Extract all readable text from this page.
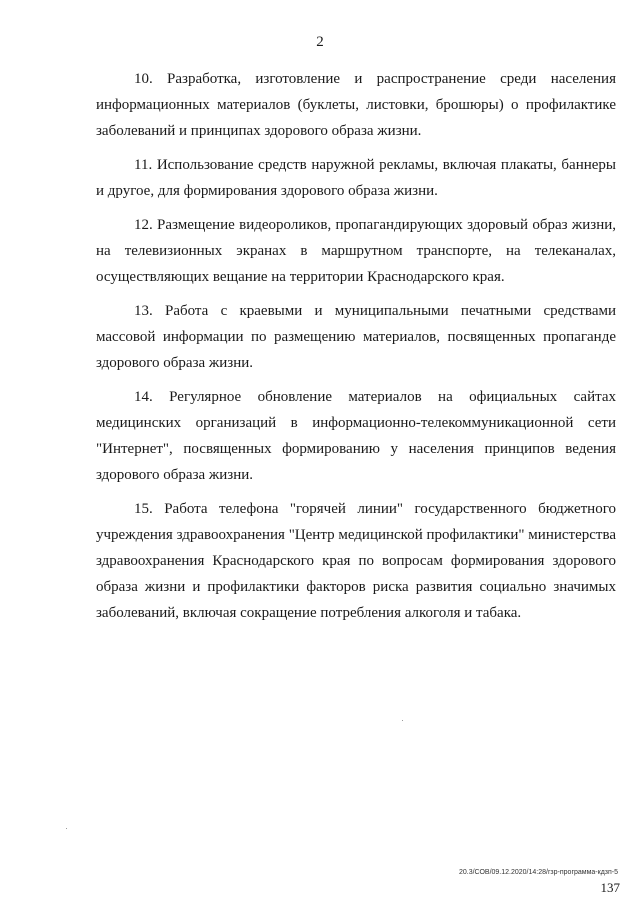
2

10. Разработка, изготовление и распространение среди населения информационных материалов (буклеты, листовки, брошюры) о профилактике заболеваний и принципах здорового образа жизни.

11. Использование средств наружной рекламы, включая плакаты, баннеры и другое, для формирования здорового образа жизни.

12. Размещение видеороликов, пропагандирующих здоровый образ жизни, на телевизионных экранах в маршрутном транспорте, на телеканалах, осуществляющих вещание на территории Краснодарского края.

13. Работа с краевыми и муниципальными печатными средствами массовой информации по размещению материалов, посвященных пропаганде здорового образа жизни.

14. Регулярное обновление материалов на официальных сайтах медицинских организаций в информационно-телекоммуникационной сети "Интернет", посвященных формированию у населения принципов ведения здорового образа жизни.

15. Работа телефона "горячей линии" государственного бюджетного учреждения здравоохранения "Центр медицинской профилактики" министерства здравоохранения Краснодарского края по вопросам формирования здорового образа жизни и профилактики факторов риска развития социально значимых заболеваний, включая сокращение потребления алкоголя и табака.

20.3/СОВ/09.12.2020/14:28/гзр-программа-кдзп-5
137
